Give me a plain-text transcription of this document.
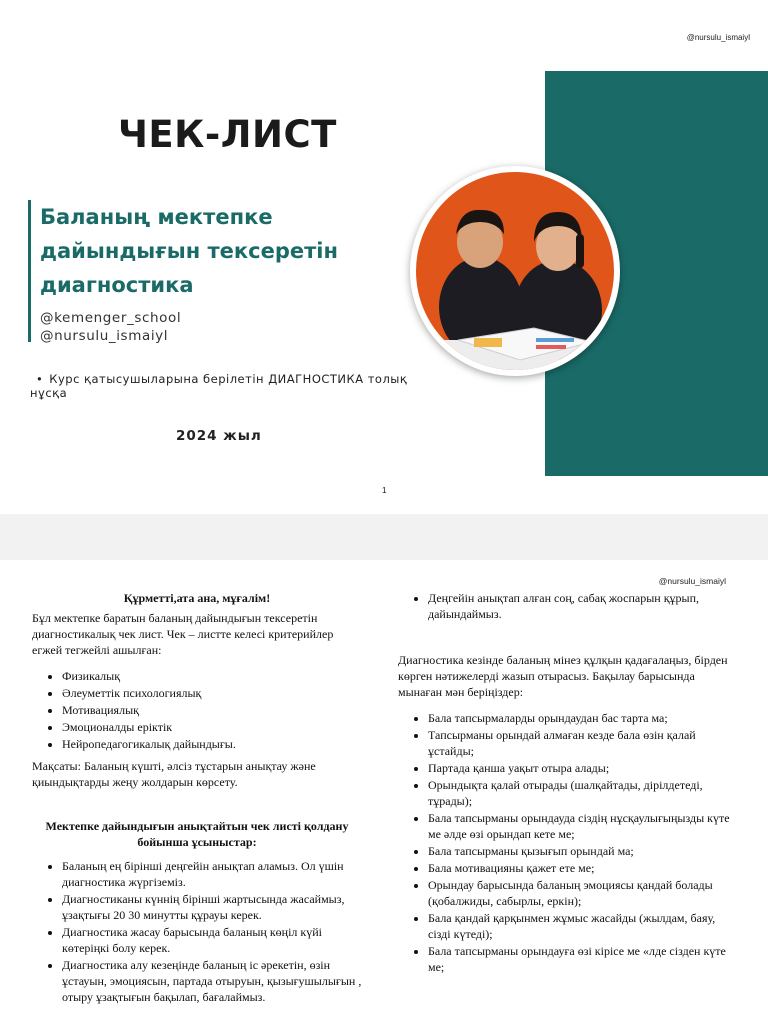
@nursulu_ismaiyl
ЧЕК-ЛИСТ
Баланың мектепке дайындығын тексеретін диагностика
@kemenger_school
@nursulu_ismaiyl
• Курс қатысушыларына берілетін ДИАГНОСТИКА толық нұсқа
2024 жыл
1
@nursulu_ismaiyl

Құрметті,ата ана, мұғалім!

Бұл мектепке баратын баланың дайындығын тексеретін диагностикалық чек лист. Чек – листте келесі критерийлер егжей тегжейлі ашылған:

• Физикалық
• Әлеуметтік психологиялық
• Мотивациялық
• Эмоционалды ерiктiк
• Нейропедагогикалық дайындығы.

Мақсаты: Баланың күшті, әлсіз тұстарын анықтау және қиындықтарды жеңу жолдарын көрсету.

Мектепке дайындығын анықтайтын чек листі қолдану бойынша ұсыныстар:

• Баланың ең бірінші деңгейін анықтап аламыз. Ол үшін диагностика жүргіземіз.
• Диагностиканы күннің бірінші жартысында жасаймыз, ұзақтығы 20 30 минутты құрауы керек.
• Диагностика жасау барысында баланың көңіл күйі көтеріңкі болу керек.
• Диагностика алу кезеңінде баланың іс әрекетін, өзін ұстауын, эмоциясын, партада отыруын, қызығушылығын , отыру ұзақтығын бақылап, бағалаймыз.
• Деңгейін анықтап алған соң, сабақ жоспарын құрып, дайындаймыз.

Диагностика кезінде баланың мінез құлқын қадағалаңыз, бірден көрген нәтижелерді жазып отырасыз. Бақылау барысында мынаған мән беріңіздер:

• Бала тапсырмаларды орындаудан бас тарта ма;
• Тапсырманы орындай алмаған кезде бала өзін қалай ұстайды;
• Партада қанша уақыт отыра алады;
• Орындықта қалай отырады (шалқайтады, дірілдетеді, тұрады);
• Бала тапсырманы орындауда сіздің нұсқаулығыңызды күте ме әлде өзі орындап кете ме;
• Бала тапсырманы қызығып орындай ма;
• Бала мотивацияны қажет ете ме;
• Орындау барысында баланың эмоциясы қандай болады (қобалжиды, сабырлы, еркін);
• Бала қандай қарқынмен жұмыс жасайды (жылдам, баяу, сізді күтеді);
• Бала тапсырманы орындауға өзі кірісе ме «лде сізден күте ме;
